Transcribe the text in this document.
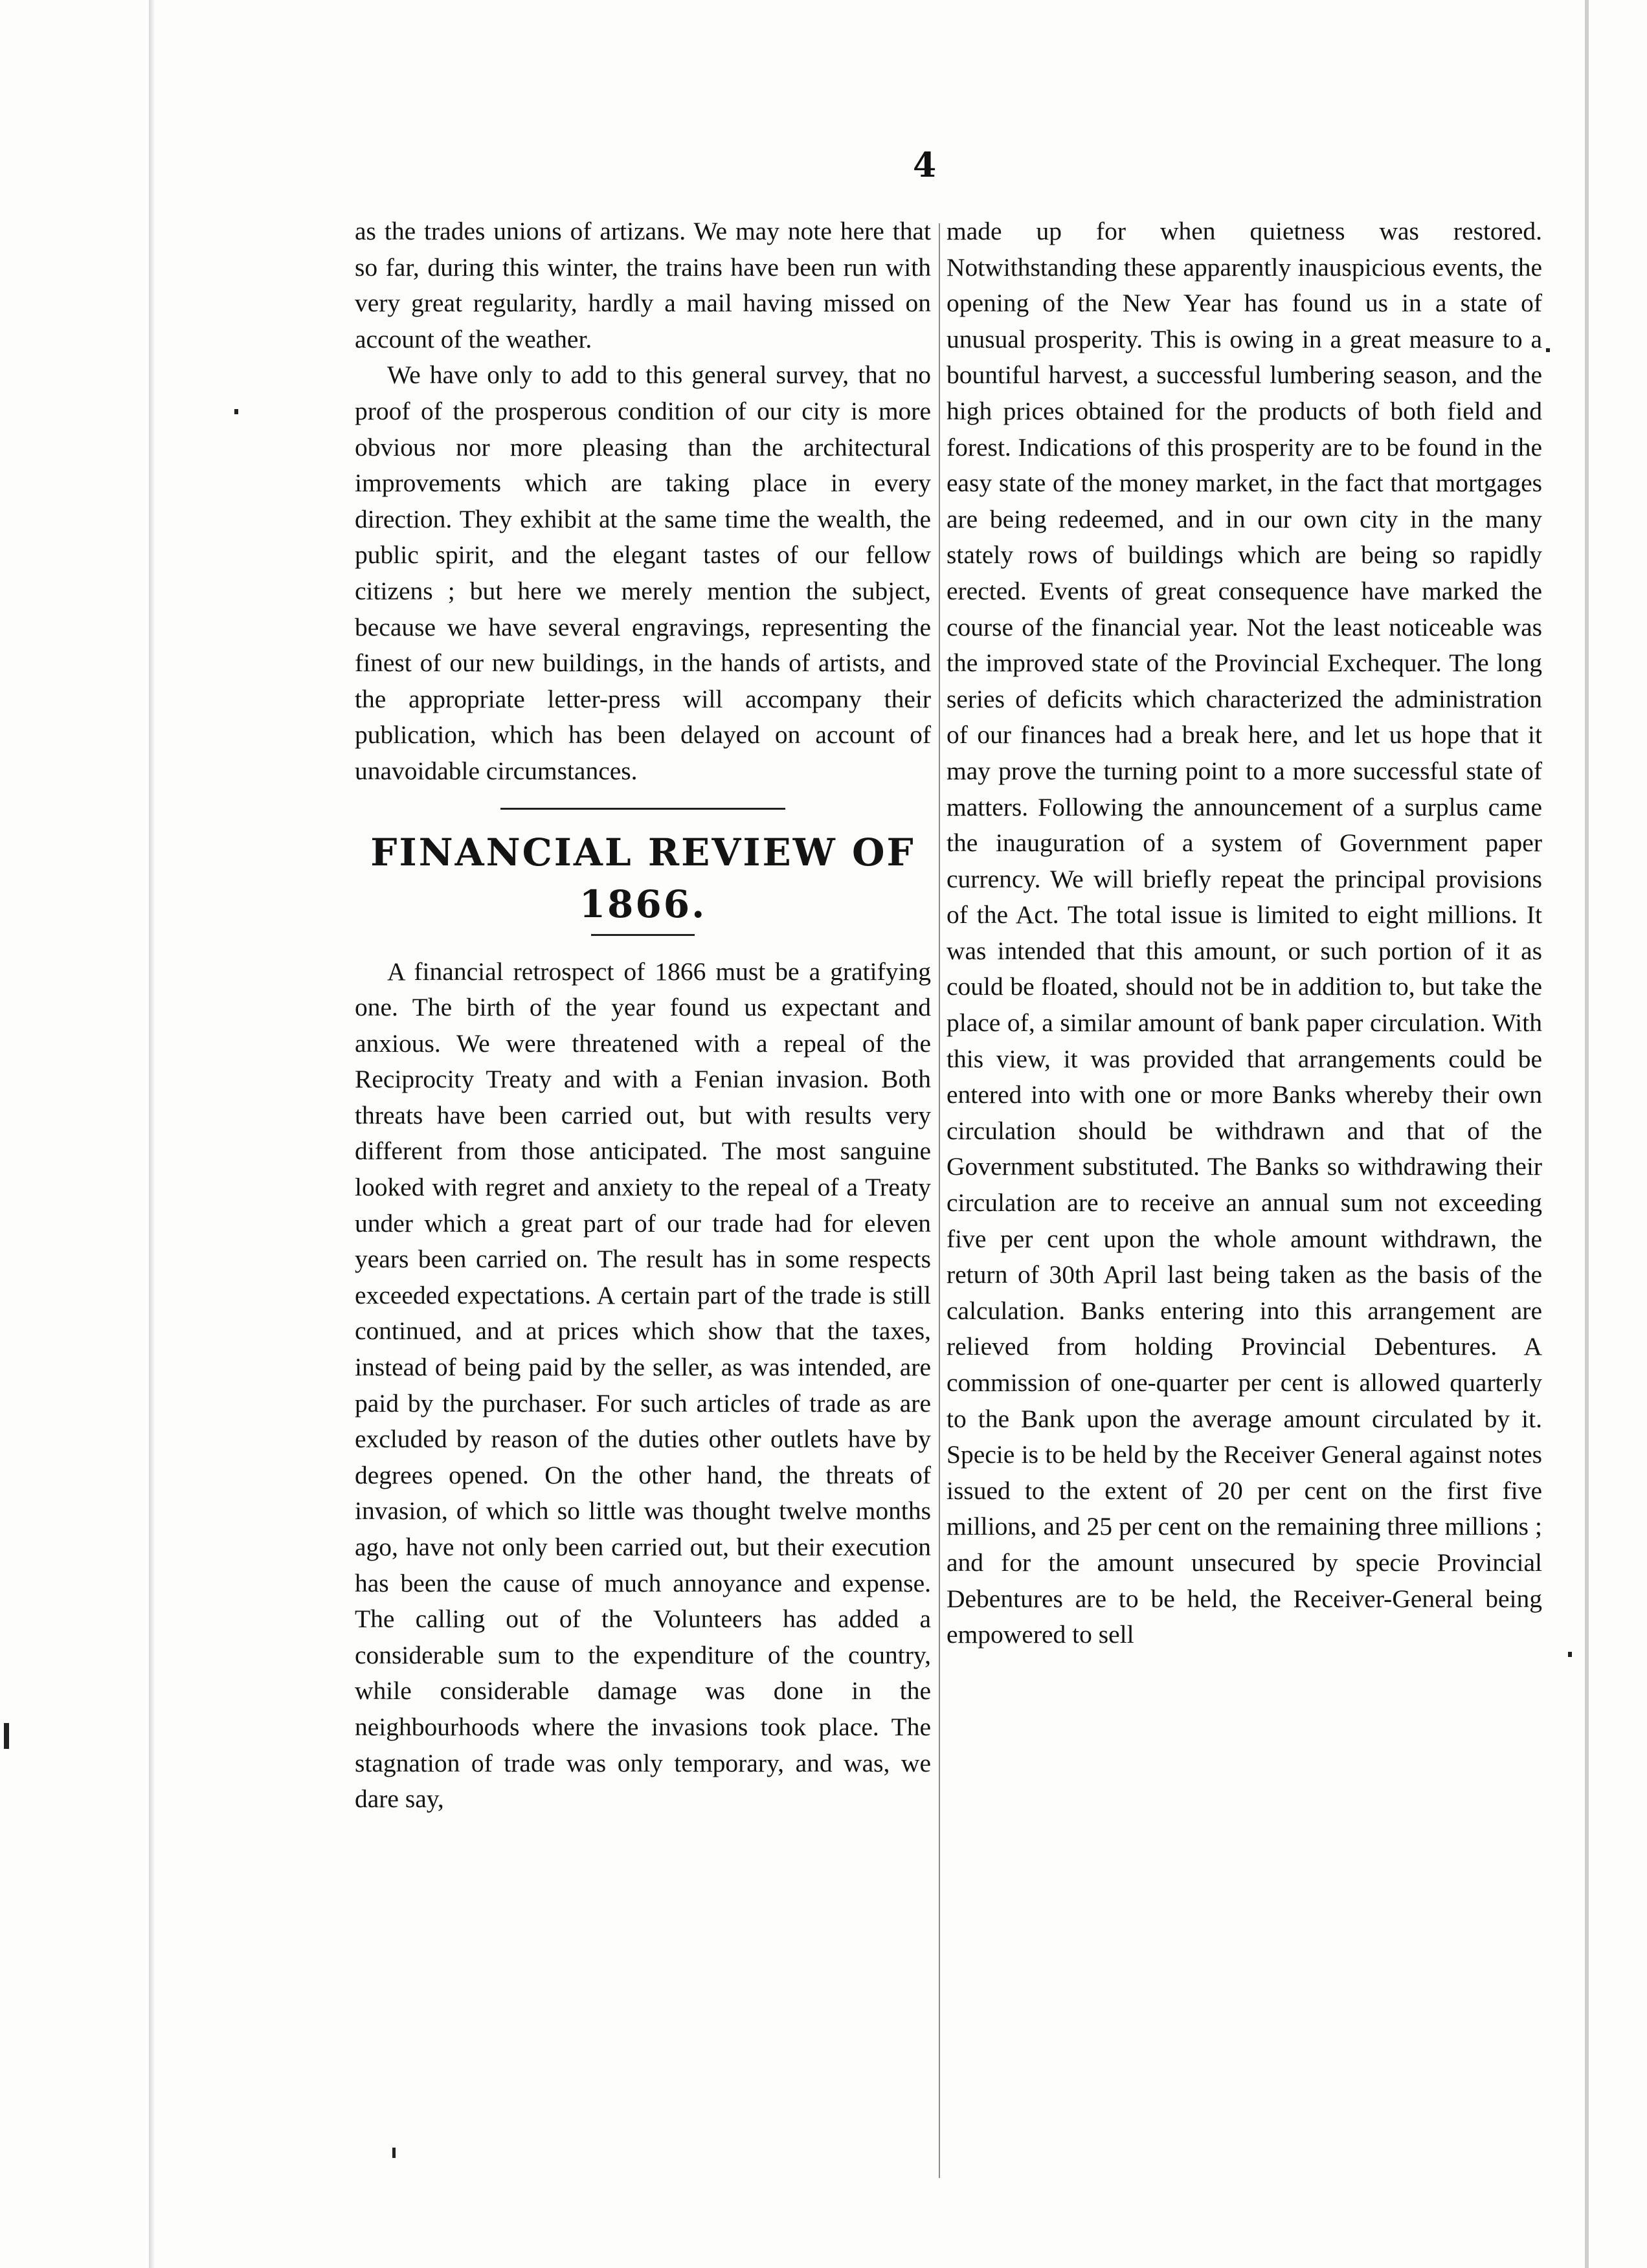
4

as the trades unions of artizans. We may note here that so far, during this winter, the trains have been run with very great regularity, hardly a mail having missed on account of the weather.

We have only to add to this general survey, that no proof of the prosperous condition of our city is more obvious nor more pleasing than the architectural improvements which are taking place in every direction. They exhibit at the same time the wealth, the public spirit, and the elegant tastes of our fellow citizens ; but here we merely mention the subject, because we have several engravings, representing the finest of our new buildings, in the hands of artists, and the appropriate letter-press will accompany their publication, which has been delayed on account of unavoidable circumstances.

FINANCIAL REVIEW OF 1866.

A financial retrospect of 1866 must be a gratifying one. The birth of the year found us expectant and anxious. We were threatened with a repeal of the Reciprocity Treaty and with a Fenian invasion. Both threats have been carried out, but with results very different from those anticipated. The most sanguine looked with regret and anxiety to the repeal of a Treaty under which a great part of our trade had for eleven years been carried on. The result has in some respects exceeded expectations. A certain part of the trade is still continued, and at prices which show that the taxes, instead of being paid by the seller, as was intended, are paid by the purchaser. For such articles of trade as are excluded by reason of the duties other outlets have by degrees opened. On the other hand, the threats of invasion, of which so little was thought twelve months ago, have not only been carried out, but their execution has been the cause of much annoyance and expense. The calling out of the Volunteers has added a considerable sum to the expenditure of the country, while considerable damage was done in the neighbourhoods where the invasions took place. The stagnation of trade was only temporary, and was, we dare say,

made up for when quietness was restored. Notwithstanding these apparently inauspicious events, the opening of the New Year has found us in a state of unusual prosperity. This is owing in a great measure to a bountiful harvest, a successful lumbering season, and the high prices obtained for the products of both field and forest. Indications of this prosperity are to be found in the easy state of the money market, in the fact that mortgages are being redeemed, and in our own city in the many stately rows of buildings which are being so rapidly erected. Events of great consequence have marked the course of the financial year. Not the least noticeable was the improved state of the Provincial Exchequer. The long series of deficits which characterized the administration of our finances had a break here, and let us hope that it may prove the turning point to a more successful state of matters. Following the announcement of a surplus came the inauguration of a system of Government paper currency. We will briefly repeat the principal provisions of the Act. The total issue is limited to eight millions. It was intended that this amount, or such portion of it as could be floated, should not be in addition to, but take the place of, a similar amount of bank paper circulation. With this view, it was provided that arrangements could be entered into with one or more Banks whereby their own circulation should be withdrawn and that of the Government substituted. The Banks so withdrawing their circulation are to receive an annual sum not exceeding five per cent upon the whole amount withdrawn, the return of 30th April last being taken as the basis of the calculation. Banks entering into this arrangement are relieved from holding Provincial Debentures. A commission of one-quarter per cent is allowed quarterly to the Bank upon the average amount circulated by it. Specie is to be held by the Receiver General against notes issued to the extent of 20 per cent on the first five millions, and 25 per cent on the remaining three millions ; and for the amount unsecured by specie Provincial Debentures are to be held, the Receiver-General being empowered to sell
